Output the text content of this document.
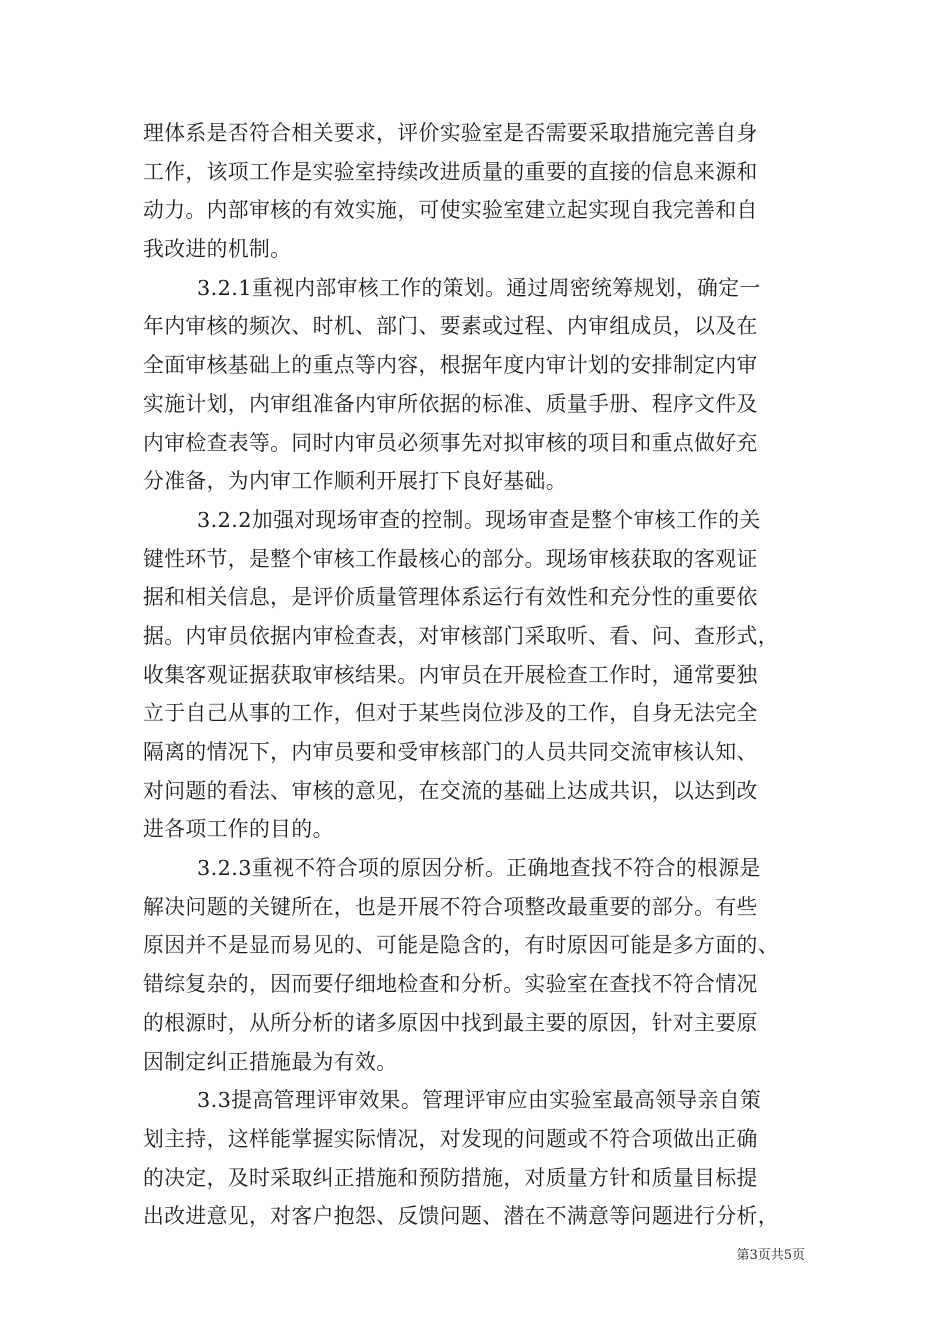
理体系是否符合相关要求，评价实验室是否需要采取措施完善自身
工作，该项工作是实验室持续改进质量的重要的直接的信息来源和
动力。内部审核的有效实施，可使实验室建立起实现自我完善和自
我改进的机制。
3.2.1重视内部审核工作的策划。通过周密统筹规划，确定一
年内审核的频次、时机、部门、要素或过程、内审组成员，以及在
全面审核基础上的重点等内容，根据年度内审计划的安排制定内审
实施计划，内审组准备内审所依据的标准、质量手册、程序文件及
内审检查表等。同时内审员必须事先对拟审核的项目和重点做好充
分准备，为内审工作顺利开展打下良好基础。
3.2.2加强对现场审查的控制。现场审查是整个审核工作的关
键性环节，是整个审核工作最核心的部分。现场审核获取的客观证
据和相关信息，是评价质量管理体系运行有效性和充分性的重要依
据。内审员依据内审检查表，对审核部门采取听、看、问、查形式，
收集客观证据获取审核结果。内审员在开展检查工作时，通常要独
立于自己从事的工作，但对于某些岗位涉及的工作，自身无法完全
隔离的情况下，内审员要和受审核部门的人员共同交流审核认知、
对问题的看法、审核的意见，在交流的基础上达成共识，以达到改
进各项工作的目的。
3.2.3重视不符合项的原因分析。正确地查找不符合的根源是
解决问题的关键所在，也是开展不符合项整改最重要的部分。有些
原因并不是显而易见的、可能是隐含的，有时原因可能是多方面的、
错综复杂的，因而要仔细地检查和分析。实验室在查找不符合情况
的根源时，从所分析的诸多原因中找到最主要的原因，针对主要原
因制定纠正措施最为有效。
3.3提高管理评审效果。管理评审应由实验室最高领导亲自策
划主持，这样能掌握实际情况，对发现的问题或不符合项做出正确
的决定，及时采取纠正措施和预防措施，对质量方针和质量目标提
出改进意见，对客户抱怨、反馈问题、潜在不满意等问题进行分析，
第3页共5页
